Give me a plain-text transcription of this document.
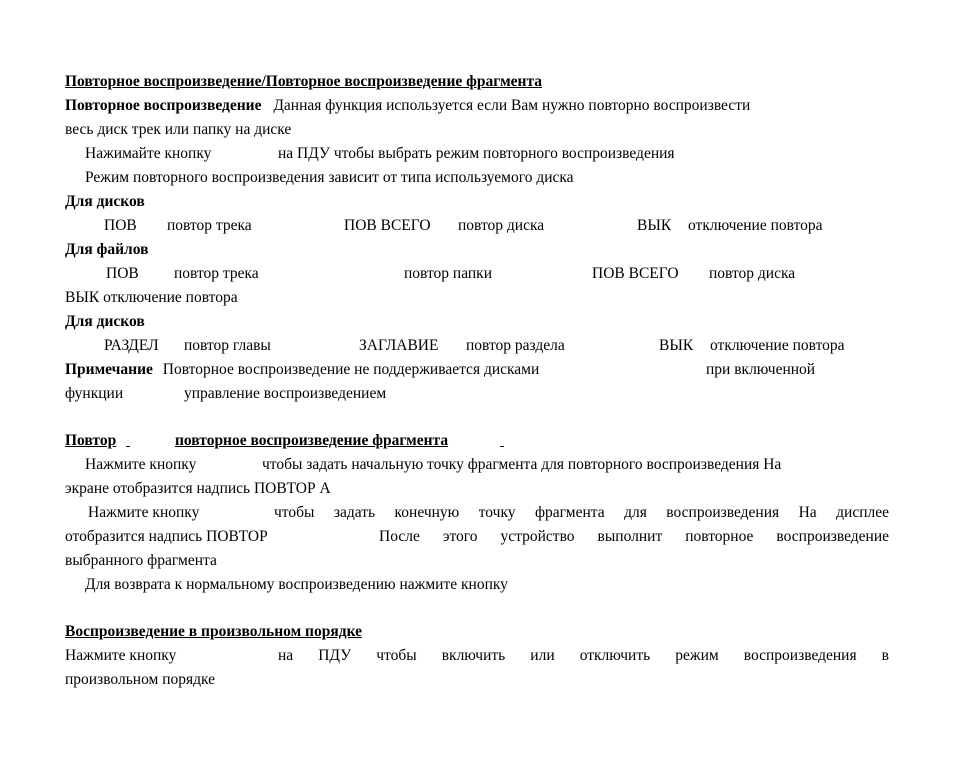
Повторное воспроизведение/Повторное воспроизведение фрагмента
Повторное воспроизведение Данная функция используется если Вам нужно повторно воспроизвести
весь диск трек или папку на диске
Нажимайте кнопку	на ПДУ чтобы выбрать режим повторного воспроизведения
Режим повторного воспроизведения зависит от типа используемого диска
Для дисков
ПОВ повтор трека	ПОВ ВСЕГО повтор диска	ВЫК отключение повтора
Для файлов
ПОВ повтор трека	повтор папки	ПОВ ВСЕГО повтор диска
ВЫК отключение повтора
Для дисков
РАЗДЕЛ повтор главы	ЗАГЛАВИЕ повтор раздела	ВЫК отключение повтора
Примечание Повторное воспроизведение не поддерживается дисками	при включенной
функции	управление воспроизведением
Повтор
	повторное воспроизведение фрагмента

Нажмите кнопку	чтобы задать начальную точку фрагмента для повторного воспроизведения На
экране отобразится надпись ПОВТОР А
Нажмите кнопку	чтобы задать конечную точку фрагмента для воспроизведения На дисплее
отобразится надпись ПОВТОР	После этого устройство выполнит повторное воспроизведение
выбранного фрагмента
Для возврата к нормальному воспроизведению нажмите кнопку
Воспроизведение в произвольном порядке
Нажмите кнопку	на ПДУ чтобы включить или отключить режим воспроизведения в
произвольном порядке
